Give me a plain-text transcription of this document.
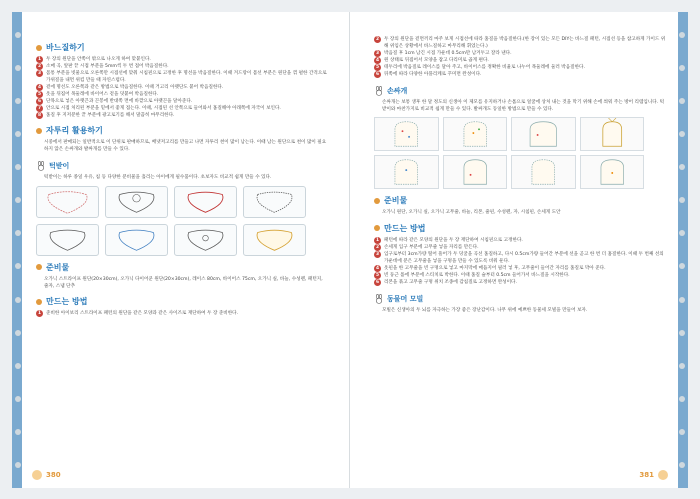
바느질하기
1	두 장의 원단을 안쪽이 밖으로 나오게 하여 맞붙인다.
2	소매 곡, 앞판 끝 시접 부분을 5mm씩 두 번 접어 박음질한다.
3	몸통 부분을 빗물으로 오른쪽만 시접선에 맞춰 시침핀으로 고정한 후 명선을 박음질한다. 이때 겨드랑이 몸선 부분은 원단을 꺾 펼한 간격으로 가위질을 내면 위킴 만들 때 자연스럽다.
4	겉에 명선도 오른쪽과 같은 방법으로 박음질한다. 이때 거고리 아랫단도 붙어 박음질한다.
5	옷을 뒤집어 목둘레에 바이어스 겉을 덧붙여 박음질한다.
6	단목으로 넣은 아랫끈과 끈봉에 반대쪽 면에 바깥으로 아랫끈을 달아준다.
7	안으로 시접 처리된 부분을 밑에서 좋게 접는다. 이때, 시접된 선 안쪽으로 들어와서 홈질해야 아래쪽에 자국이 보인다.
8	홈질 후 지저분한 끝 부분에 광고로기를 해서 말끔히 마무리한다.
자투리 활용하기

시중에서 판매되는 일반적으로 이 단위로 판매하므로, 배냇저고리를 만들고 나면 자투리 천이 많이 남는다. 이때 남는 원단으로 천이 많이 필요하지 않은 손싸개와 발싸개를 만들 수 있다.

턱받이

턱받이는 하루 종일 우유, 침 등 다양한 분비물을 흘리는 아이에게 필수품이다. 초보자도 비교적 쉽게 만들 수 있다.

준비물

오가닉 스트라이프 원단(20×30cm), 오가닉 다이어쿤 원단(20×30cm), 레이스 80cm, 바이어스 75cm, 오가닉 실, 바늘, 수성펜, 패턴지, 줄자, 스냅 단추

만드는 방법
1	준비한 아이보리 스트라이프 패턴의 원단을 같은 모양과 같은 사이즈로 재단하여 두 장 준비한다.
380
2	두 장의 원단을 겉면끼리 마주 보게 시접선에 따라 홈질을 박음질한다.(한 장이 있는 모든 DIY는 바느질 패턴, 시접선 등을 참고하게 가이드 위해 위임은 상황에서 바느질하고 마무리해 휘었는다.)
3	박음질 후 1cm 남긴 시접 가운데 0.5cm만 남겨두고 잘라 낸다.
4	원 상태로 뒤집어서 모양을 잡고 다리미로 곱게 편다.
5	테두리에 박음질로 레이스를 달아 주고, 바이어스를 정확한 비율로 나누어 목둘레에 둘러 박음질한다.
6	뒤쪽에 따라 다양한 아플리케로 꾸미면 완성이다.
손싸개

손싸개는 보통 생후 한 달 정도의 신생아 이 제모를 유지하거나 손톱으로 얼굴에 상처 내는 것을 막기 위해 손에 씌워 주는 방어 리템입니다. 턱받이와 마찬가지로 비교적 쉽게 만들 수 있다. 발싸개도 동일한 방법으로 만들 수 있다.

준비물

오가닉 원단, 오가닉 실, 오가닉 고무줄, 바늘, 리본, 줄핀, 수성펜, 자, 시침핀, 손세게 도안

만드는 방법
1	패턴에 따라 같은 모양의 원단을 두 장 재단하여 시침핀으로 고정한다.
2	손세게 입구 부분에 고무줄 넣을 자리를 만든다.
3	입구로부터 3cm가량 떨어 뜰어가 두 덩굴을 곡선 홈질하고, 다시 0.5cm가량 들어간 부분에 선을 곧고 한 번 더 홈질한다. 이때 두 번째 선의 가운데에 분은 고무줄을 넣을 구멍을 만들 수 있도록 비워 둔다.
4	옷핀을 한 고무줄을 빈 구멍으로 넣고 마지막에 매듭지어 필러 넣 후, 고무줄이 들어간 자리를 홈질로 막아 준다.
5	빈 둥근 틀에 부분에 스티치로 박한다. 이때 홈질 슬부터 0.5cm 들어가서 바느질을 시작한다.
6	리본을 묶고 고무줄 구멍 위치 조종에 감침질로 고정하면 완성이다.
동물머 모빌

모빌은 신생아의 두 뇌를 자극하는 가장 좋은 장난감이다. 나무 위에 예쁘한 동물셰 모빌을 만들어 보자.

381
